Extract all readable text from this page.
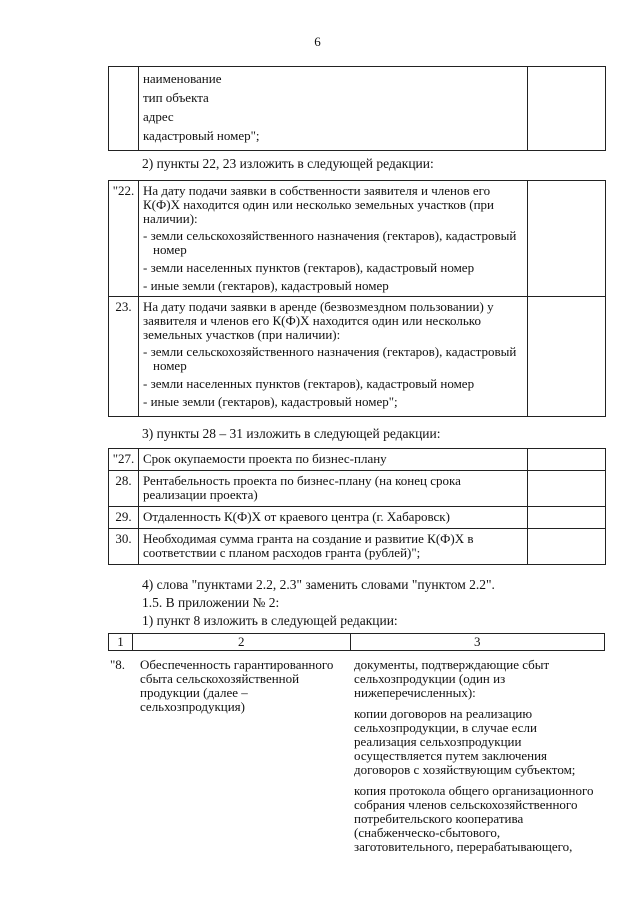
6

наименование

тип объекта

адрес

кадастровый номер";

2) пункты 22, 23 изложить в следующей редакции:
"22.	На дату подачи заявки в собственности заявителя и членов его К(Ф)Х находится один или несколько земельных участков (при наличии):

- земли сельскохозяйственного назначения (гектаров), кадастровый номер

- земли населенных пунктов (гектаров), кадастровый номер

- иные земли (гектаров), кадастровый номер	

23.	На дату подачи заявки в аренде (безвозмездном пользовании) у заявителя и членов его К(Ф)Х находится один или несколько земельных участков (при наличии):

- земли сельскохозяйственного назначения (гектаров), кадастровый номер

- земли населенных пунктов (гектаров), кадастровый номер

- иные земли (гектаров), кадастровый номер";	

3) пункты 28 – 31 изложить в следующей редакции:
"27.	Срок окупаемости проекта по бизнес-плану	
28.	Рентабельность проекта по бизнес-плану (на конец срока реализации проекта)	
29.	Отдаленность К(Ф)Х от краевого центра (г. Хабаровск)	
30.	Необходимая сумма гранта на создание и развитие К(Ф)Х в соответствии с планом расходов гранта (рублей)";	
4) слова "пунктами 2.2, 2.3" заменить словами "пунктом 2.2".
1.5. В приложении № 2:
1) пункт 8 изложить в следующей редакции:
1	2	3
"8. Обеспеченность гарантированного сбыта сельскохозяйственной продукции (далее – сельхозпродукция)

документы, подтверждающие сбыт сельхозпродукции (один из нижеперечисленных):

копии договоров на реализацию сельхозпродукции, в случае если реализация сельхозпродукции осуществляется путем заключения договоров с хозяйствующим субъектом;

копия протокола общего организационного собрания членов сельскохозяйственного потребительского кооператива (снабженческо-сбытового, заготовительного, перерабатывающего,
